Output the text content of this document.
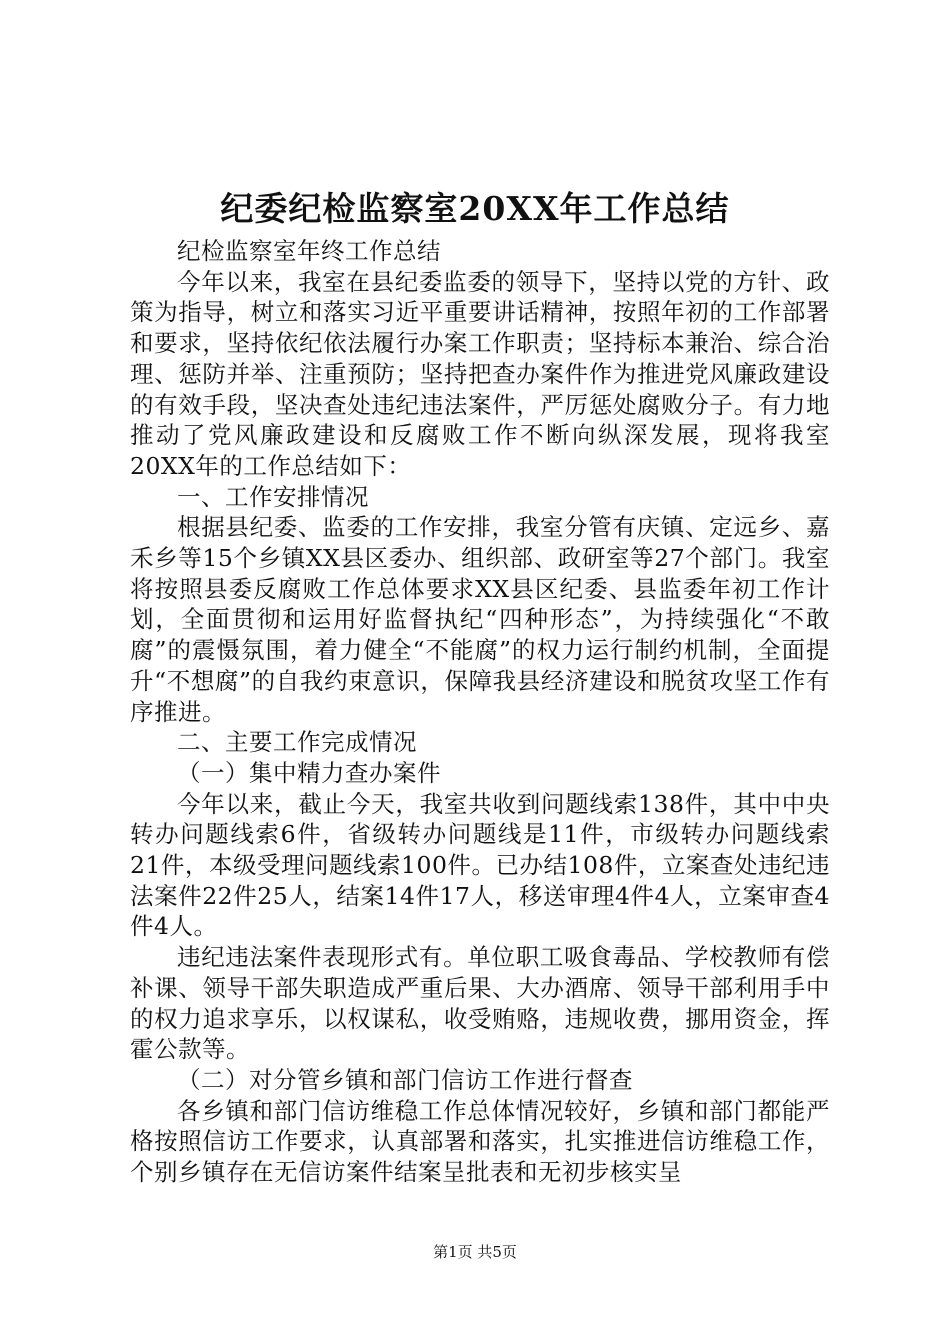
纪委纪检监察室20XX年工作总结

纪检监察室年终工作总结

今年以来，我室在县纪委监委的领导下，坚持以党的方针、政策为指导，树立和落实习近平重要讲话精神，按照年初的工作部署和要求，坚持依纪依法履行办案工作职责；坚持标本兼治、综合治理、惩防并举、注重预防；坚持把查办案件作为推进党风廉政建设的有效手段，坚决查处违纪违法案件，严厉惩处腐败分子。有力地推动了党风廉政建设和反腐败工作不断向纵深发展，现将我室20XX年的工作总结如下：

一、工作安排情况

根据县纪委、监委的工作安排，我室分管有庆镇、定远乡、嘉禾乡等15个乡镇XX县区委办、组织部、政研室等27个部门。我室将按照县委反腐败工作总体要求XX县区纪委、县监委年初工作计划，全面贯彻和运用好监督执纪“四种形态”，为持续强化“不敢腐”的震慑氛围，着力健全“不能腐”的权力运行制约机制，全面提升“不想腐”的自我约束意识，保障我县经济建设和脱贫攻坚工作有序推进。

二、主要工作完成情况

（一）集中精力查办案件

今年以来，截止今天，我室共收到问题线索138件，其中中央转办问题线索6件，省级转办问题线是11件，市级转办问题线索21件，本级受理问题线索100件。已办结108件，立案查处违纪违法案件22件25人，结案14件17人，移送审理4件4人，立案审查4件4人。

违纪违法案件表现形式有。单位职工吸食毒品、学校教师有偿补课、领导干部失职造成严重后果、大办酒席、领导干部利用手中的权力追求享乐，以权谋私，收受贿赂，违规收费，挪用资金，挥霍公款等。

（二）对分管乡镇和部门信访工作进行督查

各乡镇和部门信访维稳工作总体情况较好，乡镇和部门都能严格按照信访工作要求，认真部署和落实，扎实推进信访维稳工作，个别乡镇存在无信访案件结案呈批表和无初步核实呈

第1页 共5页
